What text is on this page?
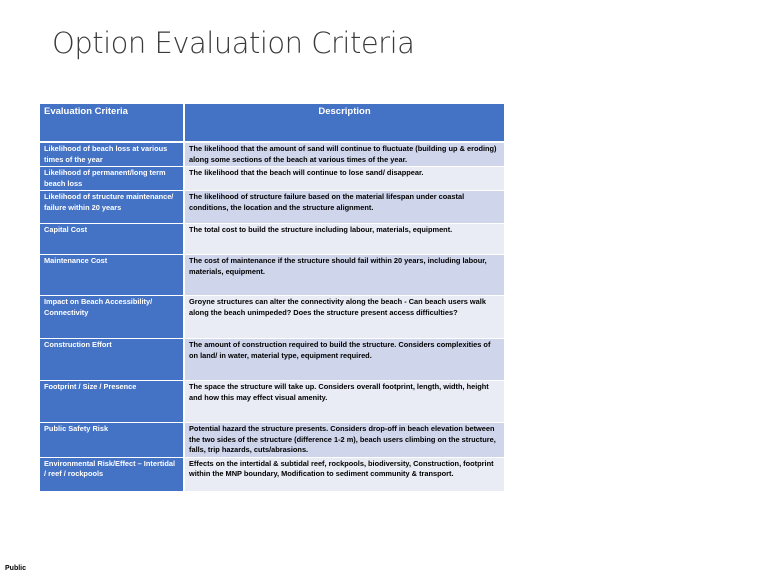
Option Evaluation Criteria
Evaluation Criteria	Description
Likelihood of beach loss at various times of the year	The likelihood that the amount of sand will continue to fluctuate (building up & eroding) along some sections of the beach at various times of the year.
Likelihood of permanent/long term beach loss	The likelihood that the beach will continue to lose sand/ disappear.
Likelihood of structure maintenance/ failure within 20 years	The likelihood of structure failure based on the material lifespan under coastal conditions, the location and the structure alignment.
Capital Cost	The total cost to build the structure including labour, materials, equipment.
Maintenance Cost	The cost of maintenance if the structure should fail within 20 years, including labour, materials, equipment.
Impact on Beach Accessibility/ Connectivity	Groyne structures can alter the connectivity along the beach - Can beach users walk along the beach unimpeded? Does the structure present access difficulties?
Construction Effort	The amount of construction required to build the structure. Considers complexities of on land/ in water, material type, equipment required.
Footprint / Size / Presence	The space the structure will take up. Considers overall footprint, length, width, height and how this may effect visual amenity.
Public Safety Risk	Potential hazard the structure presents. Considers drop-off in beach elevation between the two sides of the structure (difference 1-2 m), beach users climbing on the structure, falls, trip hazards, cuts/abrasions.
Environmental Risk/Effect – Intertidal / reef / rockpools	Effects on the intertidal & subtidal reef, rockpools, biodiversity, Construction, footprint within the MNP boundary, Modification to sediment community & transport.
Public
